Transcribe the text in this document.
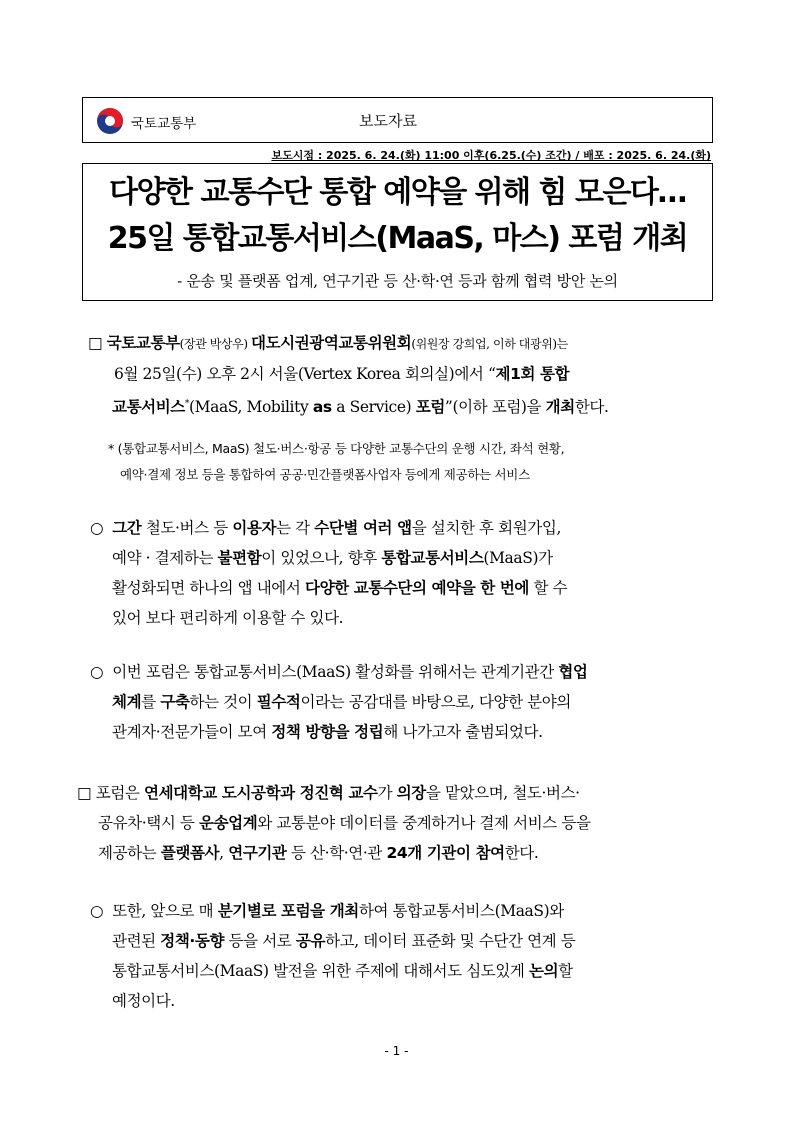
국토교통부	보도자료
보도시점 : 2025. 6. 24.(화) 11:00 이후(6.25.(수) 조간) / 배포 : 2025. 6. 24.(화)
다양한 교통수단 통합 예약을 위해 힘 모은다…
25일 통합교통서비스(MaaS, 마스) 포럼 개최
- 운송 및 플랫폼 업계, 연구기관 등 산·학·연 등과 함께 협력 방안 논의
□ 국토교통부(장관 박상우) 대도시권광역교통위원회(위원장 강희업, 이하 대광위)는
6월 25일(수) 오후 2시 서울(Vertex Korea 회의실)에서 “제1회 통합
교통서비스*(MaaS, Mobility as a Service) 포럼”(이하 포럼)을 개최한다.
* (통합교통서비스, MaaS) 철도·버스·항공 등 다양한 교통수단의 운행 시간, 좌석 현황,
예약·결제 정보 등을 통합하여 공공·민간플랫폼사업자 등에게 제공하는 서비스
○ 그간 철도·버스 등 이용자는 각 수단별 여러 앱을 설치한 후 회원가입,
예약 · 결제하는 불편함이 있었으나, 향후 통합교통서비스(MaaS)가
활성화되면 하나의 앱 내에서 다양한 교통수단의 예약을 한 번에 할 수
있어 보다 편리하게 이용할 수 있다.
○ 이번 포럼은 통합교통서비스(MaaS) 활성화를 위해서는 관계기관간 협업
체계를 구축하는 것이 필수적이라는 공감대를 바탕으로, 다양한 분야의
관계자·전문가들이 모여 정책 방향을 정립해 나가고자 출범되었다.
□ 포럼은 연세대학교 도시공학과 정진혁 교수가 의장을 맡았으며, 철도·버스·
공유차·택시 등 운송업계와 교통분야 데이터를 중계하거나 결제 서비스 등을
제공하는 플랫폼사, 연구기관 등 산·학·연·관 24개 기관이 참여한다.
○ 또한, 앞으로 매 분기별로 포럼을 개최하여 통합교통서비스(MaaS)와
관련된 정책·동향 등을 서로 공유하고, 데이터 표준화 및 수단간 연계 등
통합교통서비스(MaaS) 발전을 위한 주제에 대해서도 심도있게 논의할
예정이다.
- 1 -
